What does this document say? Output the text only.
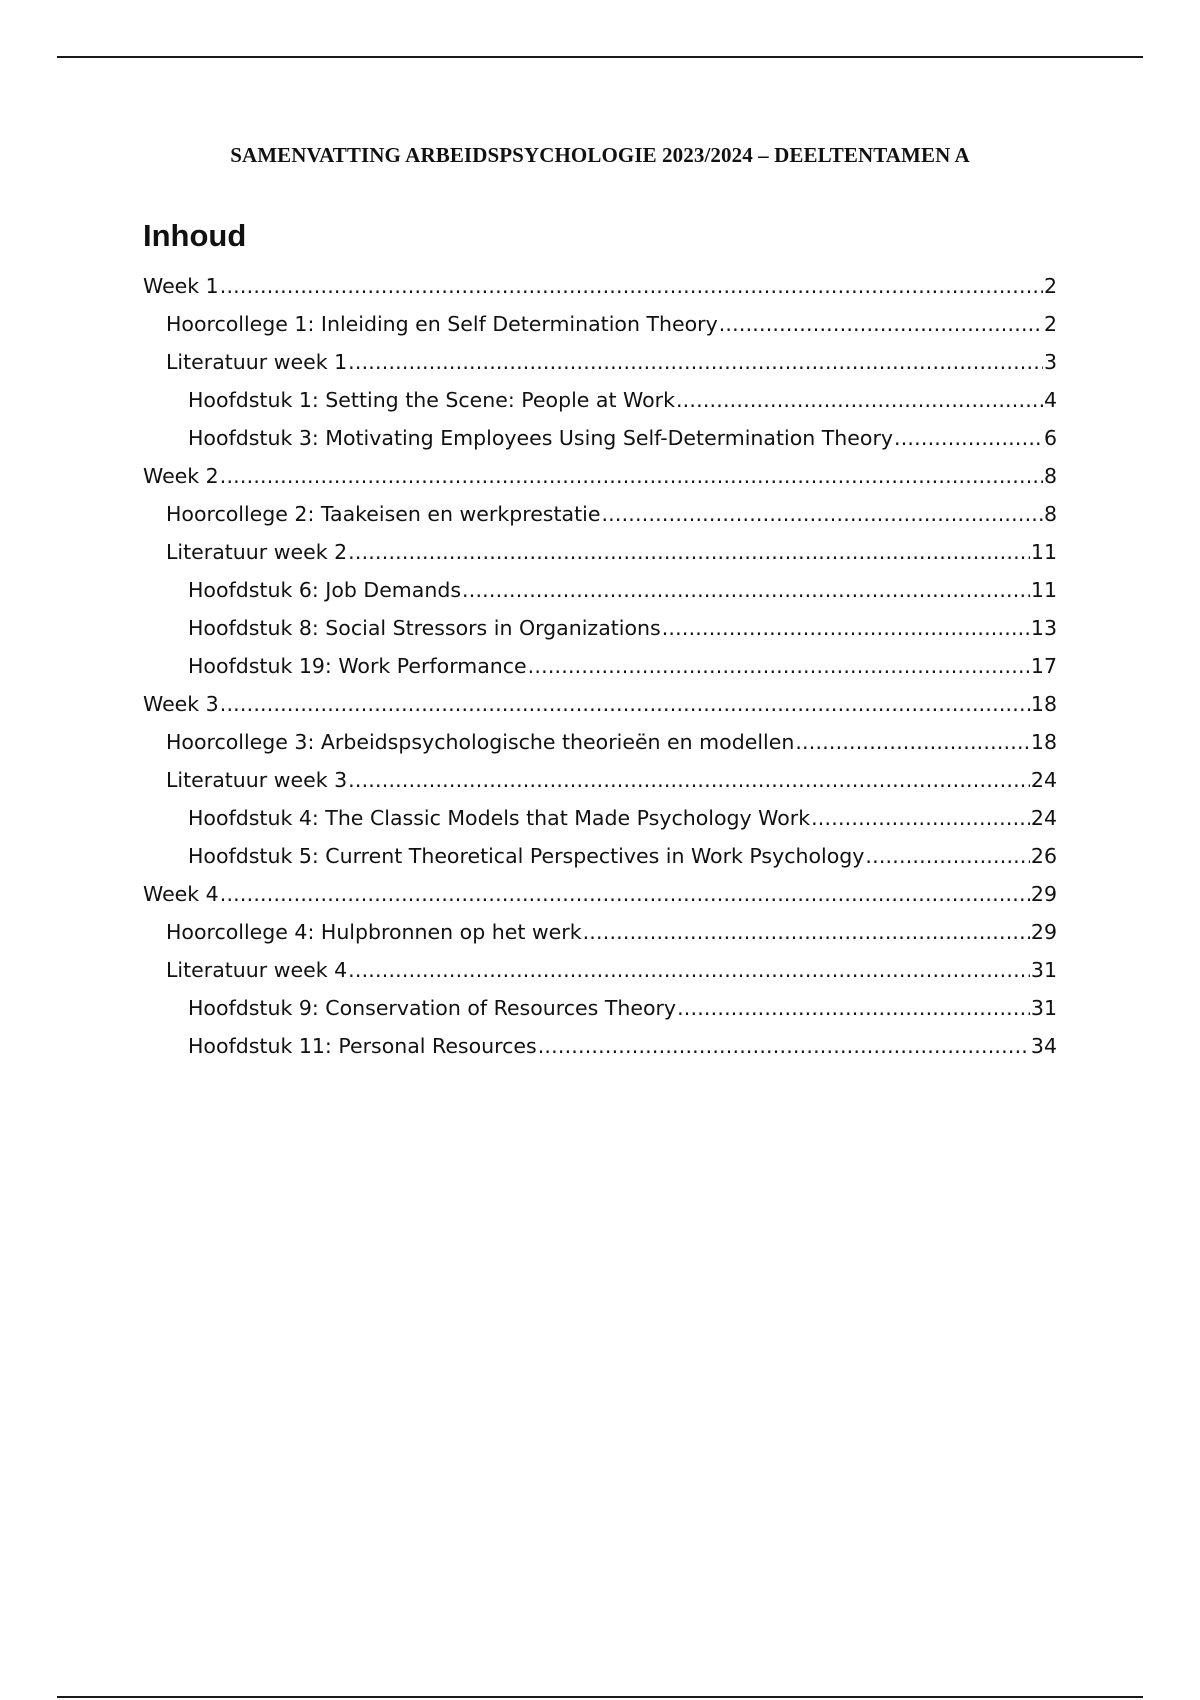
SAMENVATTING ARBEIDSPSYCHOLOGIE 2023/2024 – DEELTENTAMEN A
Inhoud
Week 1 .....	2
Hoorcollege 1: Inleiding en Self Determination Theory .....	2
Literatuur week 1 .....	3
Hoofdstuk 1: Setting the Scene: People at Work .....	4
Hoofdstuk 3: Motivating Employees Using Self-Determination Theory .....	6
Week 2 .....	8
Hoorcollege 2: Taakeisen en werkprestatie .....	8
Literatuur week 2 .....	11
Hoofdstuk 6: Job Demands .....	11
Hoofdstuk 8: Social Stressors in Organizations .....	13
Hoofdstuk 19: Work Performance .....	17
Week 3 .....	18
Hoorcollege 3: Arbeidspsychologische theorieën en modellen .....	18
Literatuur week 3 .....	24
Hoofdstuk 4: The Classic Models that Made Psychology Work .....	24
Hoofdstuk 5: Current Theoretical Perspectives in Work Psychology .....	26
Week 4 .....	29
Hoorcollege 4: Hulpbronnen op het werk .....	29
Literatuur week 4 .....	31
Hoofdstuk 9: Conservation of Resources Theory .....	31
Hoofdstuk 11: Personal Resources .....	34
